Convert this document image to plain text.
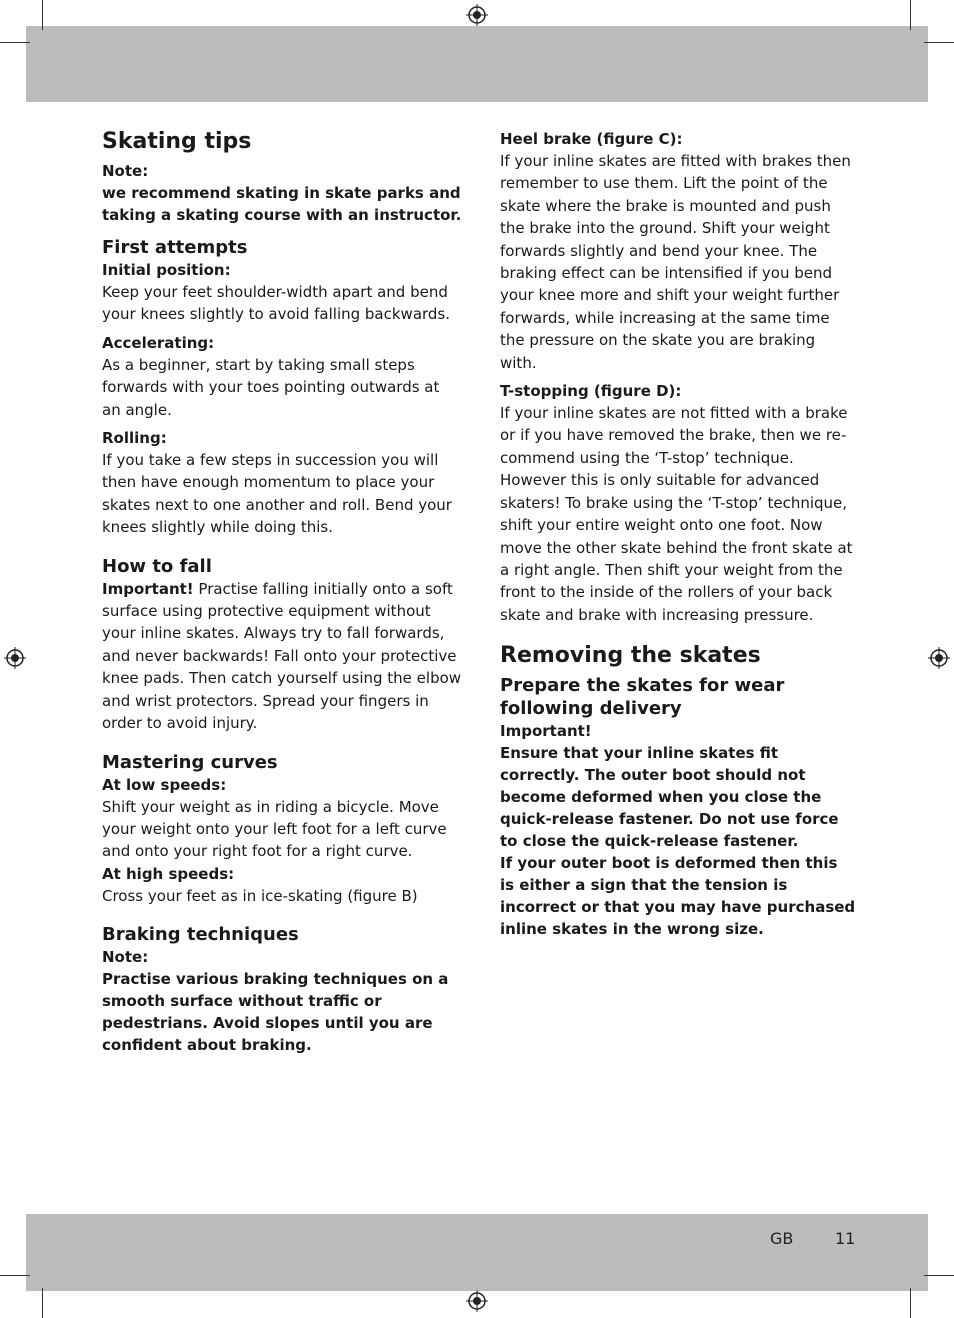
Skating tips
Note:
we recommend skating in skate parks and taking a skating course with an instructor.
First attempts
Initial position:
Keep your feet shoulder-width apart and bend your knees slightly to avoid falling backwards.
Accelerating:
As a beginner, start by taking small steps forwards with your toes pointing outwards at an angle.
Rolling:
If you take a few steps in succession you will then have enough momentum to place your skates next to one another and roll. Bend your knees slightly while doing this.
How to fall
Important! Practise falling initially onto a soft surface using protective equipment without your inline skates. Always try to fall forwards, and never backwards! Fall onto your protective knee pads. Then catch yourself using the elbow and wrist protectors. Spread your fingers in order to avoid injury.
Mastering curves
At low speeds:
Shift your weight as in riding a bicycle. Move your weight onto your left foot for a left curve and onto your right foot for a right curve.
At high speeds:
Cross your feet as in ice-skating (figure B)
Braking techniques
Note:
Practise various braking techniques on a smooth surface without traffic or pedestrians. Avoid slopes until you are confident about braking.
Heel brake (figure C):
If your inline skates are fitted with brakes then remember to use them. Lift the point of the skate where the brake is mounted and push the brake into the ground. Shift your weight forwards slightly and bend your knee. The braking effect can be intensified if you bend your knee more and shift your weight further forwards, while increasing at the same time the pressure on the skate you are braking with.
T-stopping (figure D):
If your inline skates are not fitted with a brake or if you have removed the brake, then we re-commend using the ‘T-stop’ technique. However this is only suitable for advanced skaters! To brake using the ‘T-stop’ technique, shift your entire weight onto one foot. Now move the other skate behind the front skate at a right angle. Then shift your weight from the front to the inside of the rollers of your back skate and brake with increasing pressure.
Removing the skates
Prepare the skates for wear following delivery
Important!
Ensure that your inline skates fit correctly. The outer boot should not become deformed when you close the quick-release fastener. Do not use force to close the quick-release fastener.
If your outer boot is deformed then this is either a sign that the tension is incorrect or that you may have purchased inline skates in the wrong size.
GB	11
